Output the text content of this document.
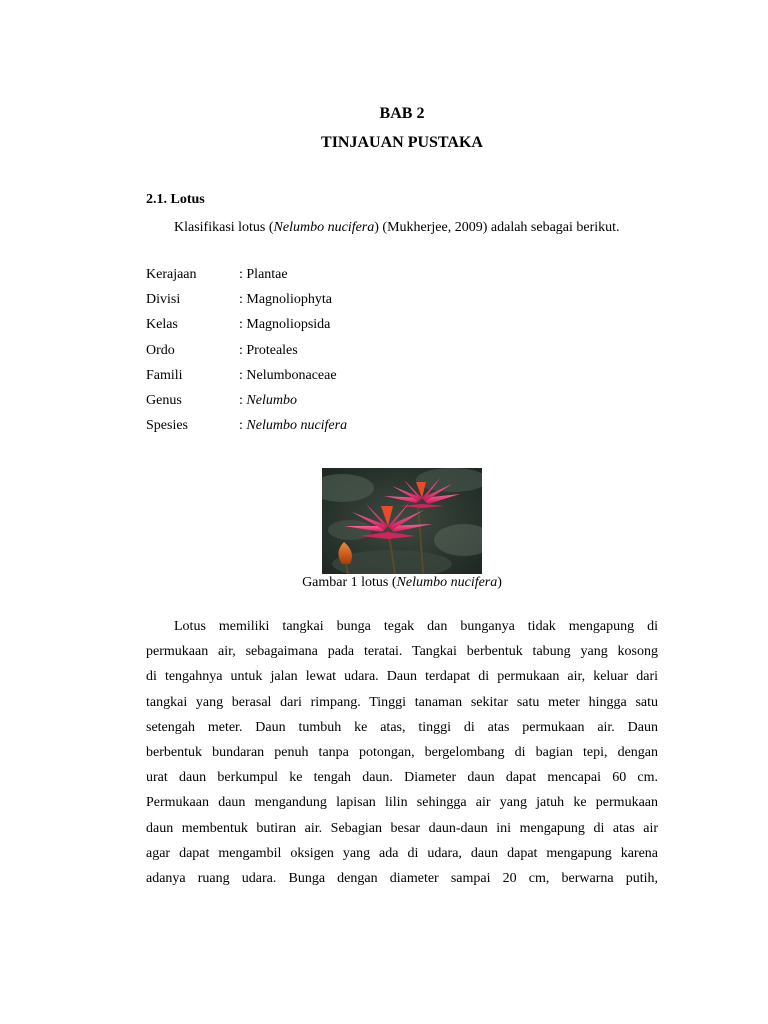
BAB 2
TINJAUAN PUSTAKA
2.1. Lotus
Klasifikasi lotus (Nelumbo nucifera) (Mukherjee, 2009) adalah sebagai berikut.
Kerajaan	: Plantae
Divisi	: Magnoliophyta
Kelas	: Magnoliopsida
Ordo	: Proteales
Famili	: Nelumbonaceae
Genus	: Nelumbo
Spesies	: Nelumbo nucifera
Gambar 1 lotus (Nelumbo nucifera)
Lotus memiliki tangkai bunga tegak dan bunganya tidak mengapung di
permukaan air, sebagaimana pada teratai. Tangkai berbentuk tabung yang kosong
di tengahnya untuk jalan lewat udara. Daun terdapat di permukaan air, keluar dari
tangkai yang berasal dari rimpang. Tinggi tanaman sekitar satu meter hingga satu
setengah meter. Daun tumbuh ke atas, tinggi di atas permukaan air. Daun
berbentuk bundaran penuh tanpa potongan, bergelombang di bagian tepi, dengan
urat daun berkumpul ke tengah daun. Diameter daun dapat mencapai 60 cm.
Permukaan daun mengandung lapisan lilin sehingga air yang jatuh ke permukaan
daun membentuk butiran air. Sebagian besar daun-daun ini mengapung di atas air
agar dapat mengambil oksigen yang ada di udara, daun dapat mengapung karena
adanya ruang udara. Bunga dengan diameter sampai 20 cm, berwarna putih,
